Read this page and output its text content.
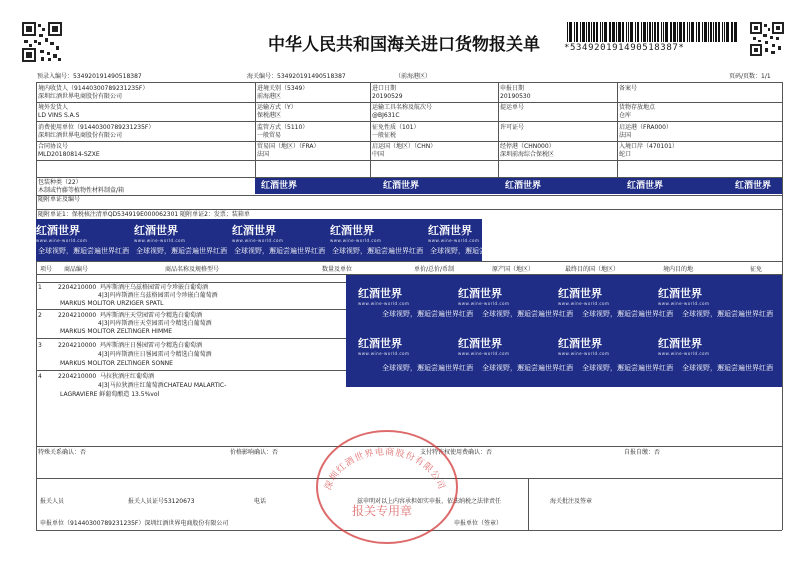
中华人民共和国海关进口货物报关单	*534920191490518387*
预录入编号：534920191490518387	海关编号：534920191490518387	（前海港区）	页码/页数：1/1
境内收货人（91440300789231235F）
深圳红酒世界电商股份有限公司
进境关别（5349）
前海港区
进口日期
20190529
申报日期
20190530
备案号
境外发货人
LD VINS S.A.S
运输方式（Y）
保税港区
运输工具名称及航次号
@BJ631C
提运单号	货物存放地点
仓库
消费使用单位（91440300789231235F）
深圳红酒世界电商股份有限公司
监管方式（5110）
一般贸易
征免性质（101）
一般征税
许可证号	启运港（FRA000）
法国
合同协议号
MLD20180814-SZXE
贸易国（地区）（FRA）
法国
启运国（地区）（CHN）
中国
经停港（CHN000）
深圳前海综合保税区
入境口岸（470101）
蛇口
红酒世界	红酒世界	红酒世界	红酒世界	红酒世界
包装种类（22）
木制或竹藤等植物性材料制盒/箱
随附单证及编号
随附单证1：保税核注清单QD534919E000062301 随附单证2：发票；装箱单
红酒世界
www.wine-world.com
红酒世界
www.wine-world.com
红酒世界
www.wine-world.com
红酒世界
www.wine-world.com
红酒世界
www.wine-world.com
全球视野，邂逅尝遍世界红酒 全球视野，邂逅尝遍世界红酒 全球视野，邂逅尝遍世界红酒 全球视野，邂逅尝遍世界红酒 全球视野，邂逅尝遍世界红酒
项号 商品编号	商品名称及规格型号	数量及单位	单价/总价/币制	原产国（地区）	最终目的国（地区）	境内目的地	征免
红酒世界
www.wine-world.com
红酒世界
www.wine-world.com
红酒世界
www.wine-world.com
红酒世界
www.wine-world.com
全球视野，邂逅尝遍世界红酒 全球视野，邂逅尝遍世界红酒 全球视野，邂逅尝遍世界红酒 全球视野，邂逅尝遍世界红酒
红酒世界
www.wine-world.com
红酒世界
www.wine-world.com
红酒世界
www.wine-world.com
红酒世界
www.wine-world.com
全球视野，邂逅尝遍世界红酒 全球视野，邂逅尝遍世界红酒 全球视野，邂逅尝遍世界红酒 全球视野，邂逅尝遍世界红酒
1	2204210000 玛库斯酒庄乌兹格园雷司令珍嵌白葡萄酒
4|3|玛库斯酒庄乌兹格园雷司令珍嵌白葡萄酒
MARKUS MOLITOR URZIGER SPATL
2	2204210000 玛库斯酒庄天堂园雷司令精选白葡萄酒
4|3|玛库斯酒庄天堂园雷司令精选白葡萄酒
MARKUS MOLITOR ZELTINGER HIMME
3	2204210000 玛库斯酒庄日晷园雷司令精选白葡萄酒
4|3|玛库斯酒庄日晷园雷司令精选白葡萄酒
MARKUS MOLITOR ZELTINGER SONNE
4	2204210000 马拉狄酒庄红葡萄酒
4|3|马拉狄酒庄红葡萄酒CHATEAU MALARTIC-
LAGRAVIERE 鲜葡萄酿造 13.5%vol
特殊关系确认：否	价格影响确认：否	支付特许权使用费确认：否	自报自缴：否
报关人员	报关人员证号53120673	电话	兹申明对以上内容承担如实申报、依法纳税之法律责任	海关批注及签章
申报单位（91440300789231235F）深圳红酒世界电商股份有限公司	申报单位（签章）
深圳红酒世界电商股份有限公司
报关专用章
